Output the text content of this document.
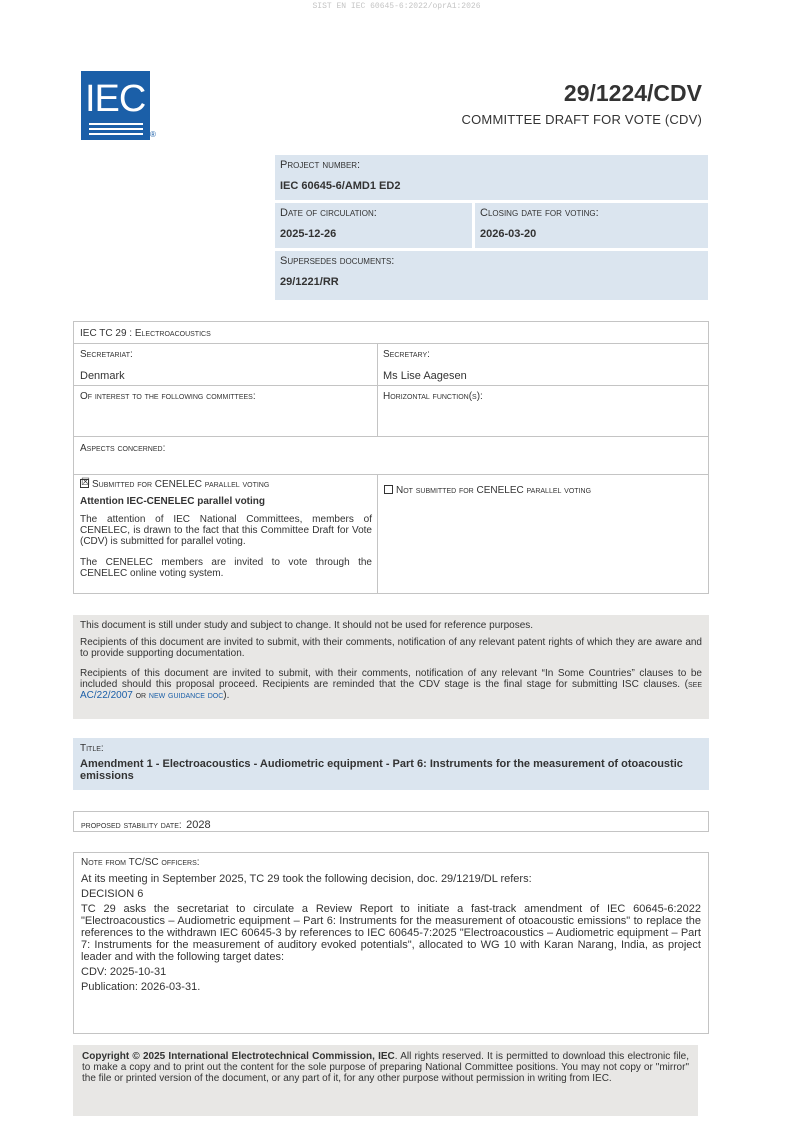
SIST EN IEC 60645-6:2022/oprA1:2026
IEC
®
29/1224/CDV
COMMITTEE DRAFT FOR VOTE (CDV)
Project number:
IEC 60645-6/AMD1 ED2
Date of circulation:
2025-12-26
Closing date for voting:
2026-03-20
Supersedes documents:
29/1221/RR
IEC TC 29 : Electroacoustics
Secretariat:
Denmark
Secretary:
Ms Lise Aagesen
Of interest to the following committees:	Horizontal function(s):
Aspects concerned:
☒ Submitted for CENELEC parallel voting
Attention IEC-CENELEC parallel voting
The attention of IEC National Committees, members of CENELEC, is drawn to the fact that this Committee Draft for Vote (CDV) is submitted for parallel voting.
The CENELEC members are invited to vote through the CENELEC online voting system.
Not submitted for CENELEC parallel voting
This document is still under study and subject to change. It should not be used for reference purposes.
Recipients of this document are invited to submit, with their comments, notification of any relevant patent rights of which they are aware and to provide supporting documentation.
Recipients of this document are invited to submit, with their comments, notification of any relevant “In Some Countries” clauses to be included should this proposal proceed. Recipients are reminded that the CDV stage is the final stage for submitting ISC clauses. (see AC/22/2007 or new guidance doc).
Title:
Amendment 1 - Electroacoustics - Audiometric equipment - Part 6: Instruments for the measurement of otoacoustic emissions
proposed stability date: 2028
Note from TC/SC officers:
At its meeting in September 2025, TC 29 took the following decision, doc. 29/1219/DL refers:
DECISION 6
TC 29 asks the secretariat to circulate a Review Report to initiate a fast-track amendment of IEC 60645-6:2022 "Electroacoustics – Audiometric equipment – Part 6: Instruments for the measurement of otoacoustic emissions" to replace the references to the withdrawn IEC 60645-3 by references to IEC 60645-7:2025 "Electroacoustics – Audiometric equipment – Part 7: Instruments for the measurement of auditory evoked potentials", allocated to WG 10 with Karan Narang, India, as project leader and with the following target dates:
CDV: 2025-10-31
Publication: 2026-03-31.
Copyright © 2025 International Electrotechnical Commission, IEC. All rights reserved. It is permitted to download this electronic file, to make a copy and to print out the content for the sole purpose of preparing National Committee positions. You may not copy or "mirror" the file or printed version of the document, or any part of it, for any other purpose without permission in writing from IEC.
